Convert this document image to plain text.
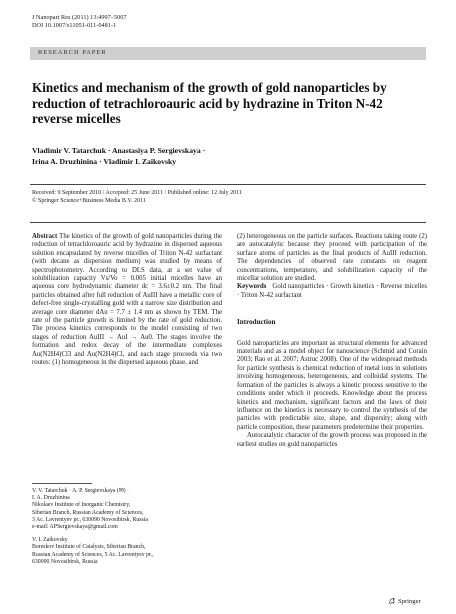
J Nanopart Res (2011) 13:4997–5007
DOI 10.1007/s11051-011-0481-1
RESEARCH PAPER
Kinetics and mechanism of the growth of gold nanoparticles by reduction of tetrachloroauric acid by hydrazine in Triton N-42 reverse micelles
Vladimir V. Tatarchuk · Anastasiya P. Sergievskaya ·
Irina A. Druzhinina · Vladimir I. Zaikovsky
Received: 9 September 2010 / Accepted: 25 June 2011 / Published online: 12 July 2011
© Springer Science+Business Media B.V. 2011

Abstract The kinetics of the growth of gold nanoparticles during the reduction of tetrachloroauric acid by hydrazine in dispersed aqueous solution encapsulated by reverse micelles of Triton N-42 surfactant (with decane as dispersion medium) was studied by means of spectrophotometry. According to DLS data, at a set value of solubilization capacity Vs/Vo = 0.005 initial micelles have an aqueous core hydrodynamic diameter dc = 3.6±0.2 nm. The final particles obtained after full reduction of AuIII have a metallic core of defect-free single-crystalling gold with a narrow size distribution and average core diameter dAu = 7.7 ± 1.4 nm as shown by TEM. The rate of the particle growth is limited by the rate of gold reduction. The process kinetics corresponds to the model consisting of two stages of reduction AuIII → AuI → Au0. The stages involve the formation and redox decay of the intermediate complexes Au(N2H4)Cl3 and Au(N2H4)Cl, and each stage proceeds via two routes: (1) homogeneous in the dispersed aqueous phase, and

V. V. Tatarchuk · A. P. Sergievskaya (✉) ·
I. A. Druzhinina
Nikolaev Institute of Inorganic Chemistry,
Siberian Branch, Russian Academy of Sciences,
3 Ac. Lavrentyev pr., 630090 Novosibirsk, Russia
e-mail: APSergievskaya@gmail.com
V. I. Zaikovsky
Boreskov Institute of Catalysis, Siberian Branch,
Russian Academy of Sciences, 5 Ac. Lavrentyev pr.,
630090 Novosibirsk, Russia

(2) heterogeneous on the particle surfaces. Reactions taking route (2) are autocatalytic because they proceed with participation of the surface atoms of particles as the final products of AuIII reduction. The dependencies of observed rate constants on reagent concentrations, temperature, and solubilization capacity of the micellar solution are studied.

Keywords Gold nanoparticles · Growth kinetics · Reverse micelles · Triton N-42 surfactant

Introduction

Gold nanoparticles are important as structural elements for advanced materials and as a model object for nanoscience (Schmid and Corain 2003; Rao et al. 2007; Astruc 2008). One of the widespread methods for particle synthesis is chemical reduction of metal ions in solutions involving homogeneous, heterogeneous, and colloidal systems. The formation of the particles is always a kinetic process sensitive to the conditions under which it proceeds. Knowledge about the process kinetics and mechanism, significant factors and the laws of their influence on the kinetics is necessary to control the synthesis of the particles with predictable size, shape, and dispersity; along with particle composition, these parameters predetermine their properties.

Autocatalytic character of the growth process was proposed in the earliest studies on gold nanoparticles

Springer
